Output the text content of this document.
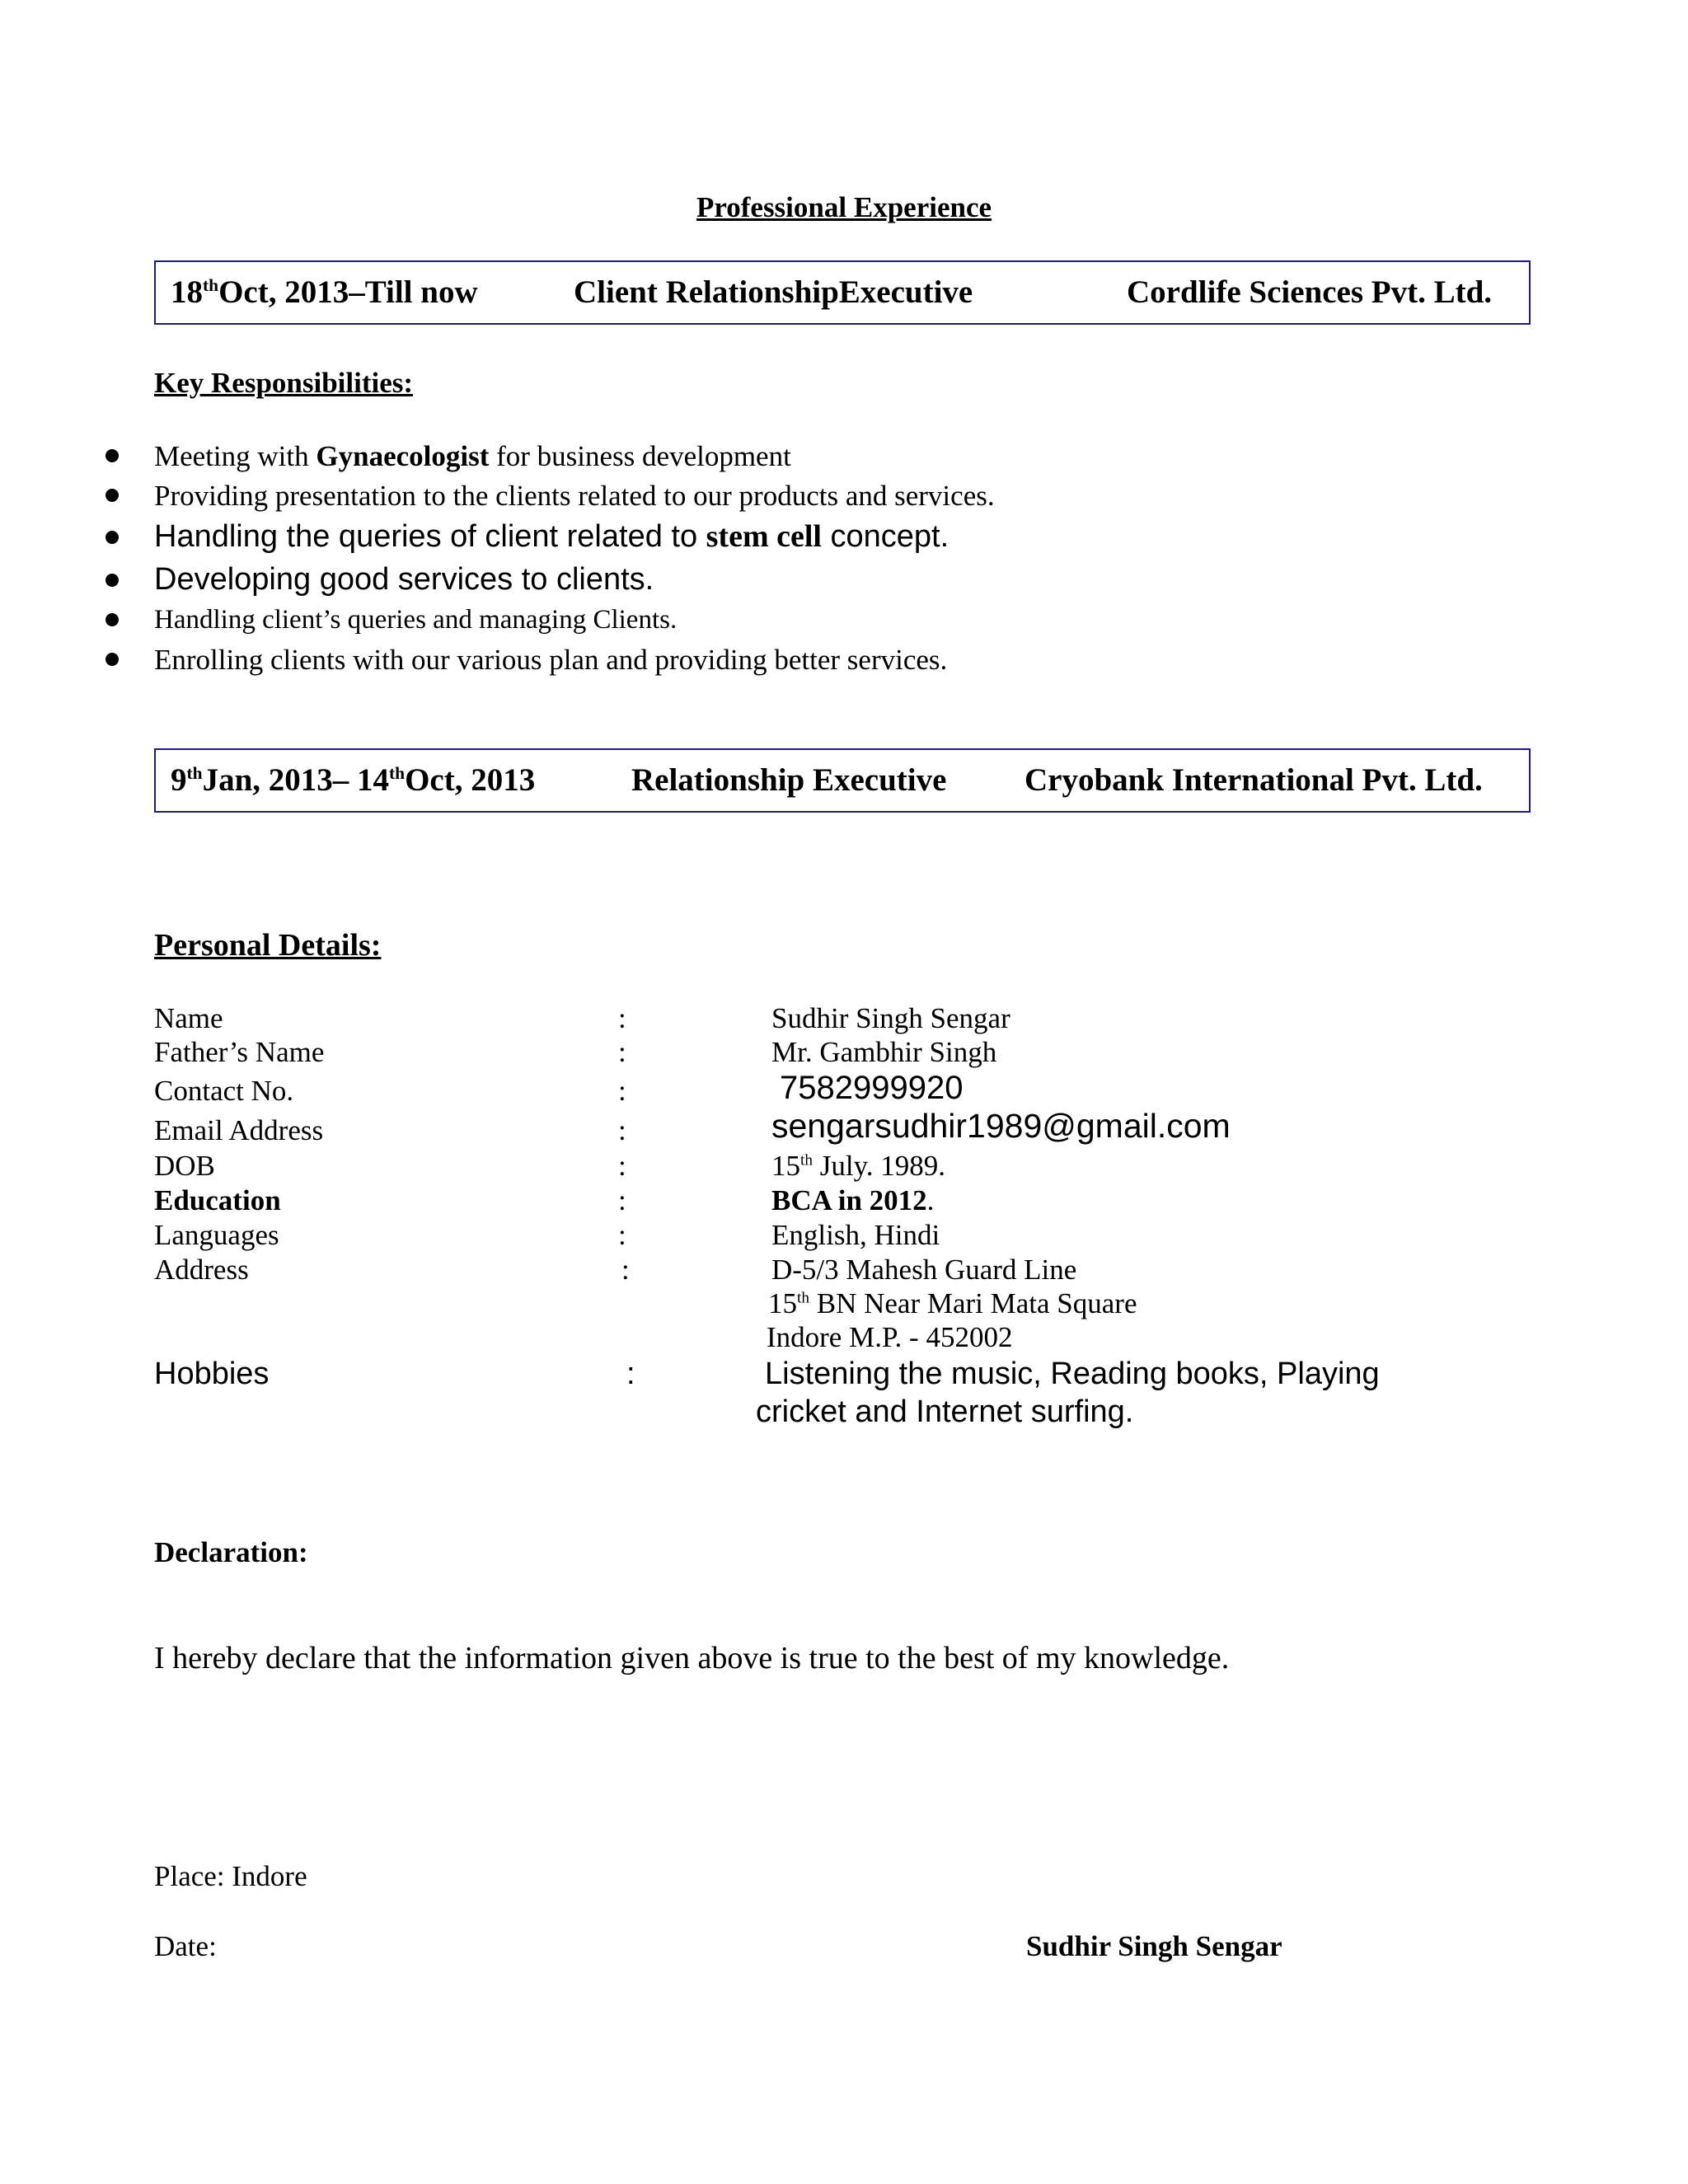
Professional Experience
18thOct, 2013–Till now	Client RelationshipExecutive	Cordlife Sciences Pvt. Ltd.
Key Responsibilities:
Meeting with Gynaecologist for business development
Providing presentation to the clients related to our products and services.
Handling the queries of client related to stem cell concept.
Developing good services to clients.
Handling client’s queries and managing Clients.
Enrolling clients with our various plan and providing better services.
9thJan, 2013– 14thOct, 2013	Relationship Executive Cryobank International Pvt. Ltd.
Personal Details:
Name	:	Sudhir Singh Sengar
Father’s Name	:	Mr. Gambhir Singh
Contact No.	:	7582999920
Email Address	:	sengarsudhir1989@gmail.com
DOB	:	15th July. 1989.
Education	:	BCA in 2012.
Languages	:	English, Hindi
Address	:	D-5/3 Mahesh Guard Line
15th BN Near Mari Mata Square
Indore M.P. - 452002
Hobbies	:	Listening the music, Reading books, Playing
cricket and Internet surfing.
Declaration:
I hereby declare that the information given above is true to the best of my knowledge.
Place: Indore
Date:	Sudhir Singh Sengar
